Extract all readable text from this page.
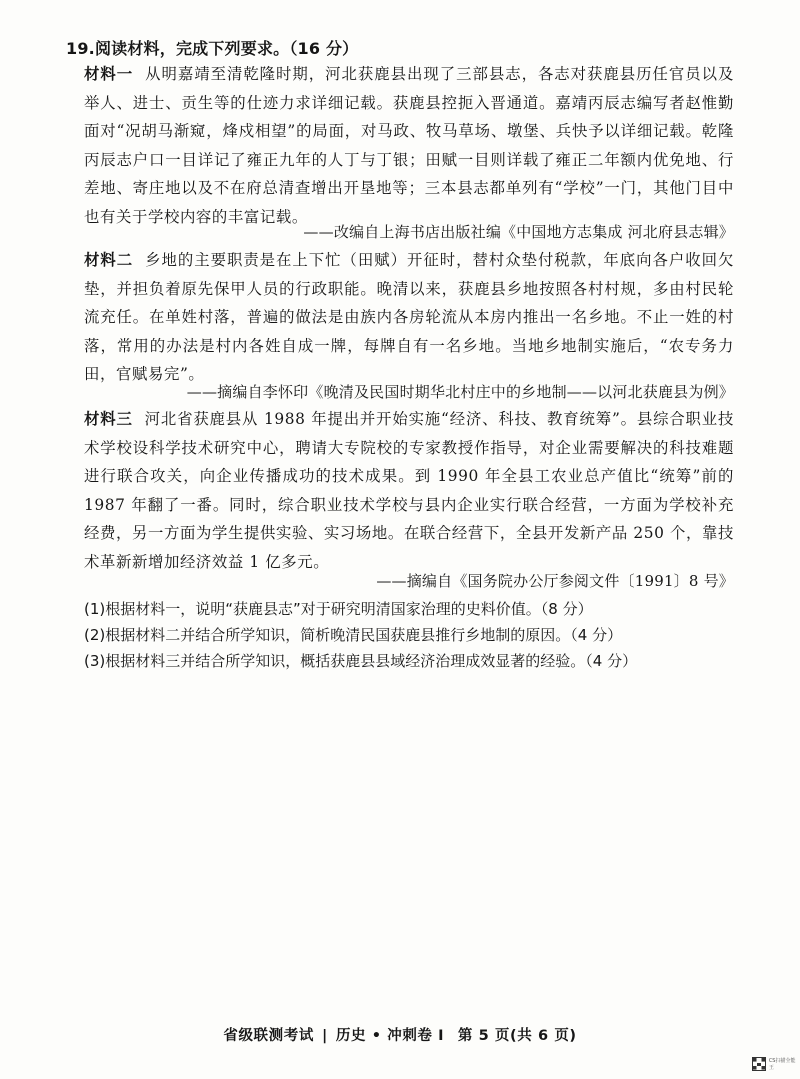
19.阅读材料，完成下列要求。（16 分）
材料一 从明嘉靖至清乾隆时期，河北获鹿县出现了三部县志，各志对获鹿县历任官员以及举人、进士、贡生等的仕迹力求详细记载。获鹿县控扼入晋通道。嘉靖丙辰志编写者赵惟勤面对“况胡马渐窥，烽戍相望”的局面，对马政、牧马草场、墩堡、兵快予以详细记载。乾隆丙辰志户口一目详记了雍正九年的人丁与丁银；田赋一目则详载了雍正二年额内优免地、行差地、寄庄地以及不在府总清查增出开垦地等；三本县志都单列有“学校”一门，其他门目中也有关于学校内容的丰富记载。
——改编自上海书店出版社编《中国地方志集成 河北府县志辑》
材料二 乡地的主要职责是在上下忙（田赋）开征时，替村众垫付税款，年底向各户收回欠垫，并担负着原先保甲人员的行政职能。晚清以来，获鹿县乡地按照各村村规，多由村民轮流充任。在单姓村落，普遍的做法是由族内各房轮流从本房内推出一名乡地。不止一姓的村落，常用的办法是村内各姓自成一牌，每牌自有一名乡地。当地乡地制实施后，“农专务力田，官赋易完”。
——摘编自李怀印《晚清及民国时期华北村庄中的乡地制——以河北获鹿县为例》
材料三 河北省获鹿县从 1988 年提出并开始实施“经济、科技、教育统筹”。县综合职业技术学校设科学技术研究中心，聘请大专院校的专家教授作指导，对企业需要解决的科技难题进行联合攻关，向企业传播成功的技术成果。到 1990 年全县工农业总产值比“统筹”前的 1987 年翻了一番。同时，综合职业技术学校与县内企业实行联合经营，一方面为学校补充经费，另一方面为学生提供实验、实习场地。在联合经营下，全县开发新产品 250 个，靠技术革新新增加经济效益 1 亿多元。
——摘编自《国务院办公厅参阅文件〔1991〕8 号》
(1)根据材料一，说明“获鹿县志”对于研究明清国家治理的史料价值。（8 分）
(2)根据材料二并结合所学知识，简析晚清民国获鹿县推行乡地制的原因。（4 分）
(3)根据材料三并结合所学知识，概括获鹿县县域经济治理成效显著的经验。（4 分）
省级联测考试 | 历史 • 冲刺卷 Ⅰ 第 5 页(共 6 页)
CS扫描全能王
